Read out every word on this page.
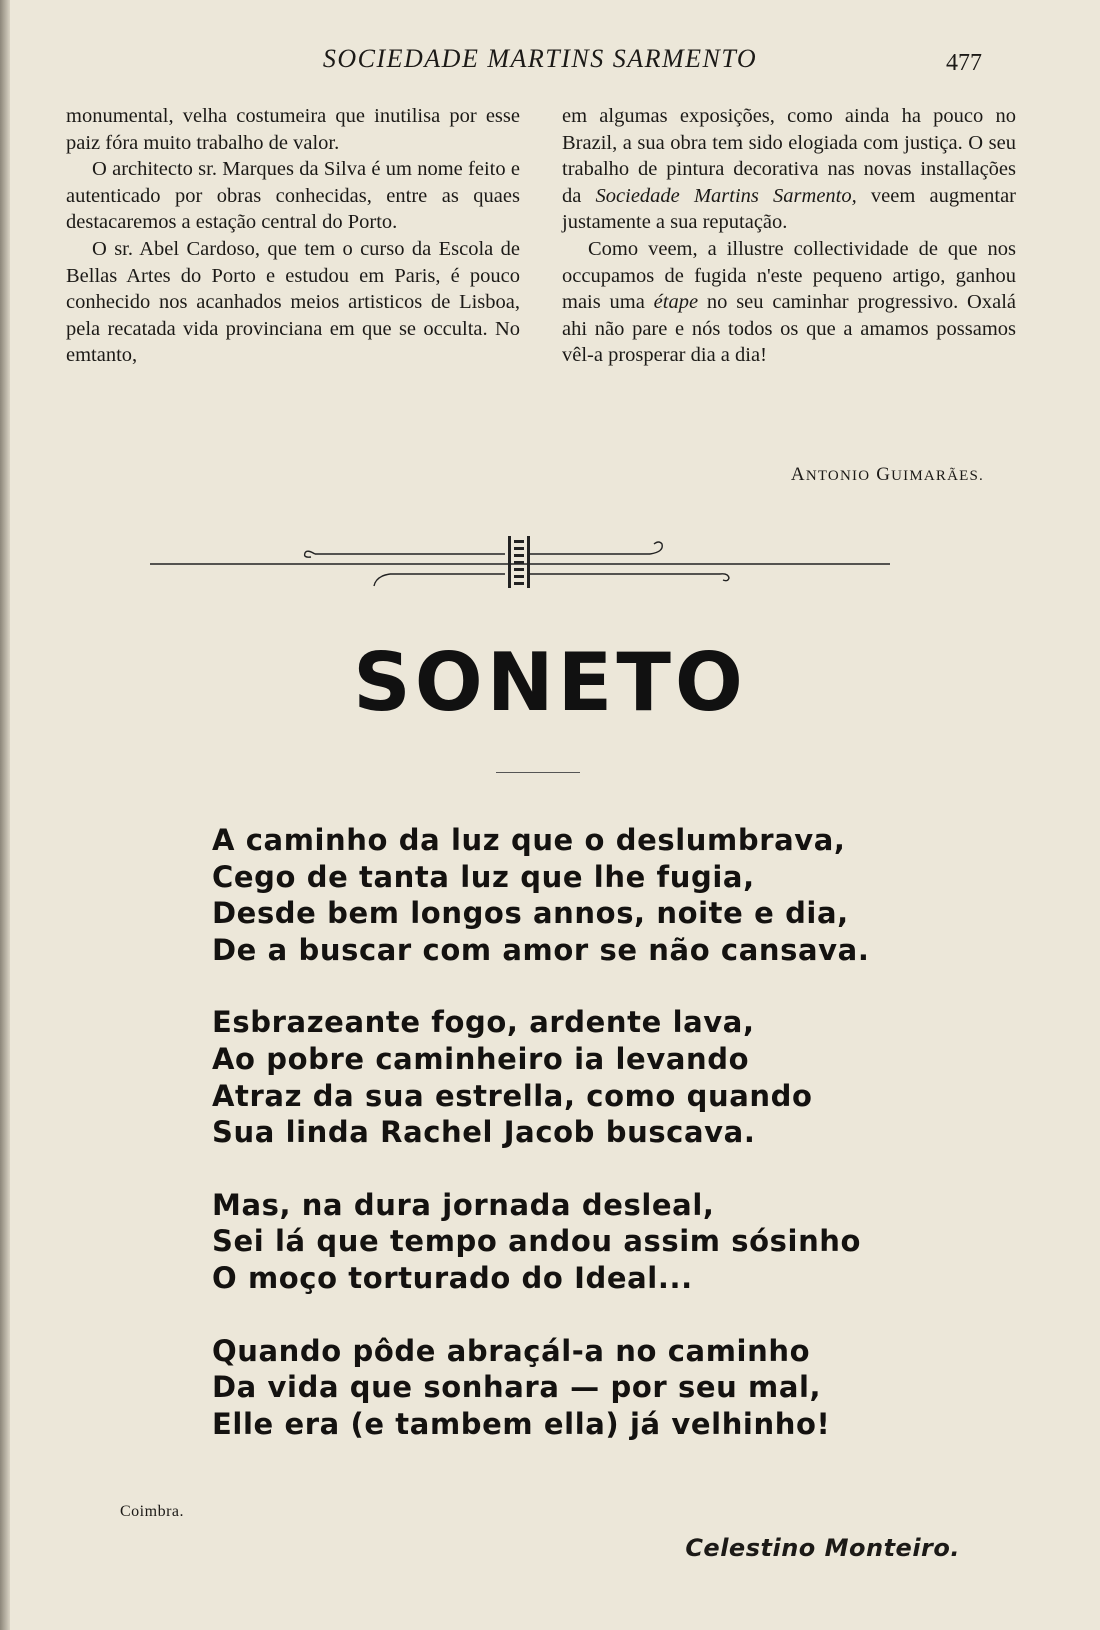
SOCIEDADE MARTINS SARMENTO	477

monumental, velha costumeira que inutilisa por esse paiz fóra muito trabalho de valor.

O architecto sr. Marques da Silva é um nome feito e autenticado por obras conhecidas, entre as quaes destacaremos a estação central do Porto.

O sr. Abel Cardoso, que tem o curso da Escola de Bellas Artes do Porto e estudou em Paris, é pouco conhecido nos acanhados meios artisticos de Lisboa, pela recatada vida provinciana em que se occulta. No emtanto,

em algumas exposições, como ainda ha pouco no Brazil, a sua obra tem sido elogiada com justiça. O seu trabalho de pintura decorativa nas novas installações da Sociedade Martins Sarmento, veem augmentar justamente a sua reputação.

Como veem, a illustre collectividade de que nos occupamos de fugida n'este pequeno artigo, ganhou mais uma étape no seu caminhar progressivo. Oxalá ahi não pare e nós todos os que a amamos possamos vêl-a prosperar dia a dia!

ANTONIO GUIMARÃES.
SONETO
A caminho da luz que o deslumbrava,
Cego de tanta luz que lhe fugia,
Desde bem longos annos, noite e dia,
De a buscar com amor se não cansava.
Esbrazeante fogo, ardente lava,
Ao pobre caminheiro ia levando
Atraz da sua estrella, como quando
Sua linda Rachel Jacob buscava.
Mas, na dura jornada desleal,
Sei lá que tempo andou assim sósinho
O moço torturado do Ideal...
Quando pôde abraçál-a no caminho
Da vida que sonhara — por seu mal,
Elle era (e tambem ella) já velhinho!
Coimbra.
Celestino Monteiro.
